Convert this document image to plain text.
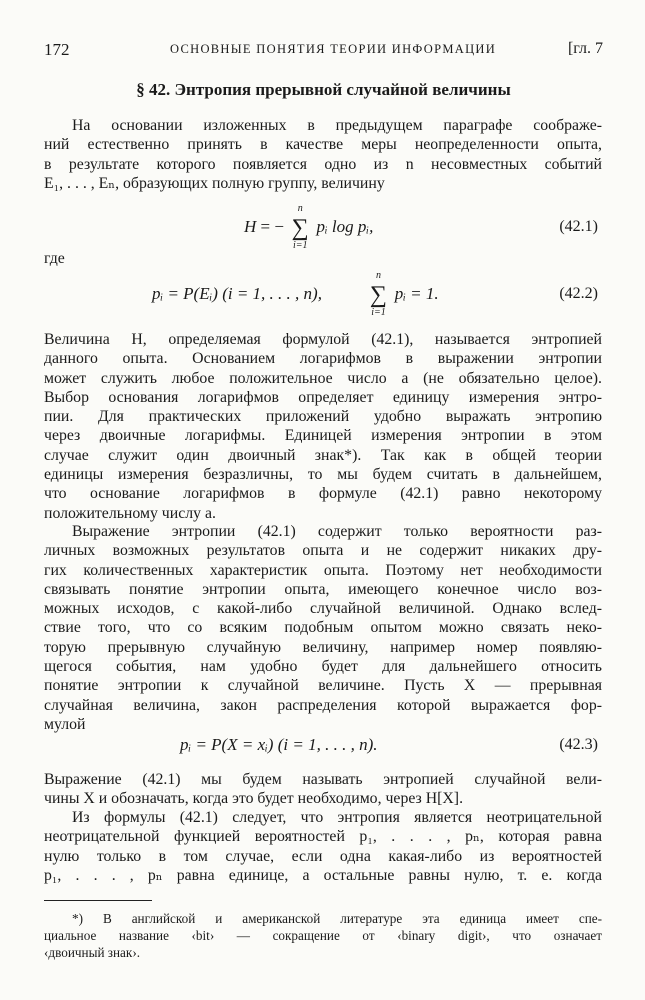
172	ОСНОВНЫЕ ПОНЯТИЯ ТЕОРИИ ИНФОРМАЦИИ	[гл. 7
§ 42. Энтропия прерывной случайной величины
На основании изложенных в предыдущем параграфе соображе-
ний естественно принять в качестве меры неопределенности опыта,
в результате которого появляется одно из n несовместных событий
E₁, . . . , Eₙ, образующих полную группу, величину
H = −
n
∑
i=1
pᵢ log pᵢ,	(42.1)
где
pᵢ = P(Eᵢ) (i = 1, . . . , n),
n
∑
i=1
pᵢ = 1.	(42.2)
Величина H, определяемая формулой (42.1), называется энтропией
данного опыта. Основанием логарифмов в выражении энтропии
может служить любое положительное число a (не обязательно целое).
Выбор основания логарифмов определяет единицу измерения энтро-
пии. Для практических приложений удобно выражать энтропию
через двоичные логарифмы. Единицей измерения энтропии в этом
случае служит один двоичный знак*). Так как в общей теории
единицы измерения безразличны, то мы будем считать в дальнейшем,
что основание логарифмов в формуле (42.1) равно некоторому
положительному числу a.
Выражение энтропии (42.1) содержит только вероятности раз-
личных возможных результатов опыта и не содержит никаких дру-
гих количественных характеристик опыта. Поэтому нет необходимости
связывать понятие энтропии опыта, имеющего конечное число воз-
можных исходов, с какой-либо случайной величиной. Однако вслед-
ствие того, что со всяким подобным опытом можно связать неко-
торую прерывную случайную величину, например номер появляю-
щегося события, нам удобно будет для дальнейшего относить
понятие энтропии к случайной величине. Пусть X — прерывная
случайная величина, закон распределения которой выражается фор-
мулой
pᵢ = P(X = xᵢ) (i = 1, . . . , n).	(42.3)
Выражение (42.1) мы будем называть энтропией случайной вели-
чины X и обозначать, когда это будет необходимо, через H[X].
Из формулы (42.1) следует, что энтропия является неотрицательной
неотрицательной функцией вероятностей p₁, . . . , pₙ, которая равна
нулю только в том случае, если одна какая-либо из вероятностей
p₁, . . . , pₙ равна единице, а остальные равны нулю, т. е. когда
*) В английской и американской литературе эта единица имеет спе-
циальное название ‹bit› — сокращение от ‹binary digit›, что означает
‹двоичный знак›.
